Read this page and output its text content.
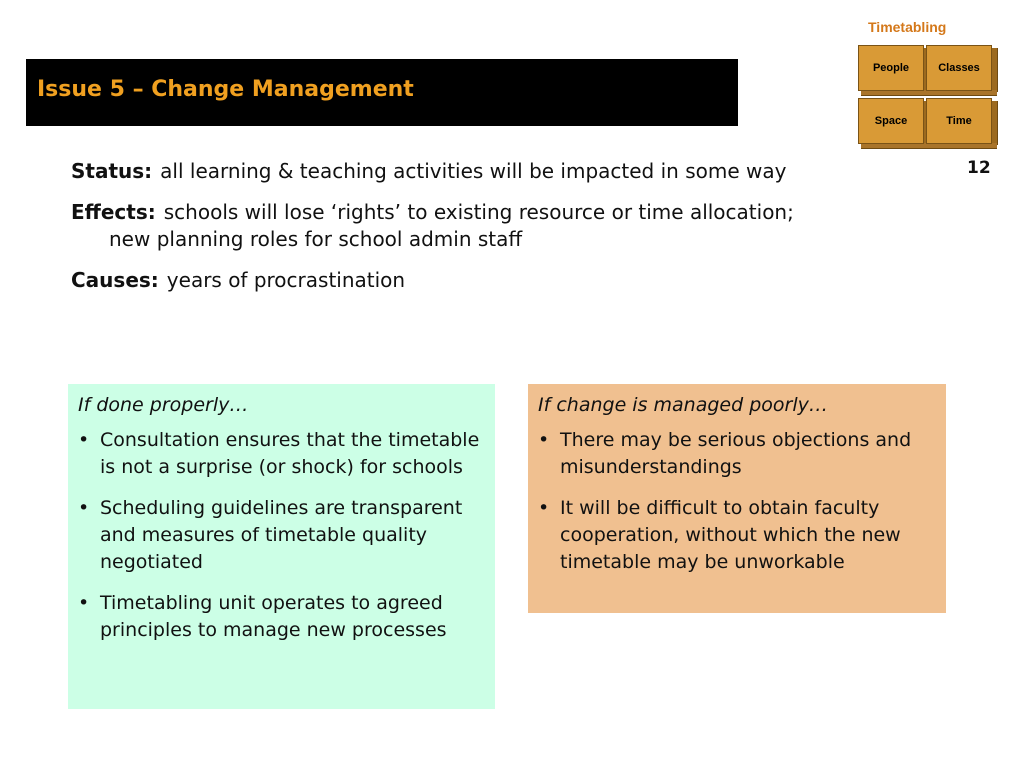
Issue 5 – Change Management
Timetabling
People	Classes
Space	Time
12
Status: all learning & teaching activities will be impacted in some way
Effects: schools will lose ‘rights’ to existing resource or time allocation; new planning roles for school admin staff
Causes: years of procrastination
If done properly…
• Consultation ensures that the timetable is not a surprise (or shock) for schools
• Scheduling guidelines are transparent and measures of timetable quality negotiated
• Timetabling unit operates to agreed principles to manage new processes
If change is managed poorly…
• There may be serious objections and misunderstandings
• It will be difficult to obtain faculty cooperation, without which the new timetable may be unworkable
